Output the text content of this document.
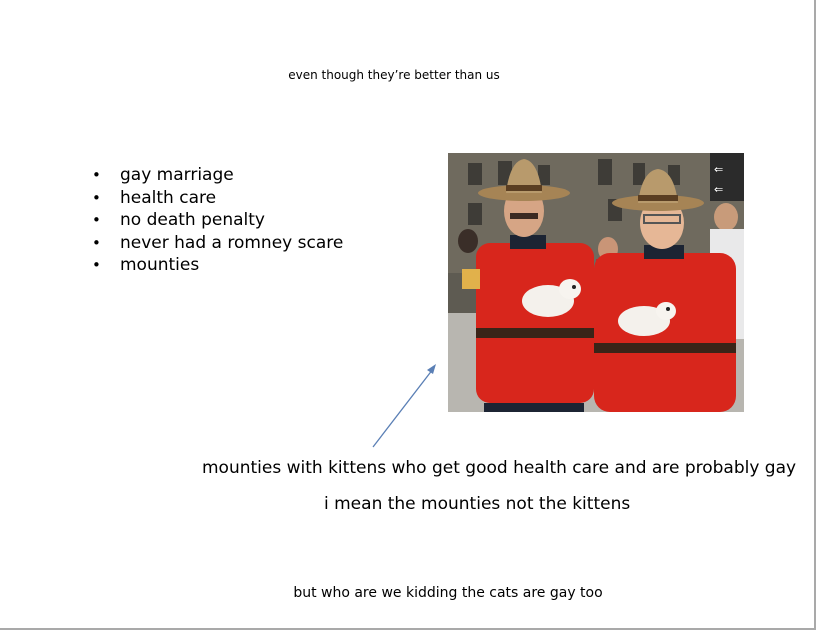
even though they’re better than us
• gay marriage
• health care
• no death penalty
• never had a romney scare
• mounties
⇐
⇐
mounties with kittens who get good health care and are probably gay
i mean the mounties not the kittens
but who are we kidding the cats are gay too
